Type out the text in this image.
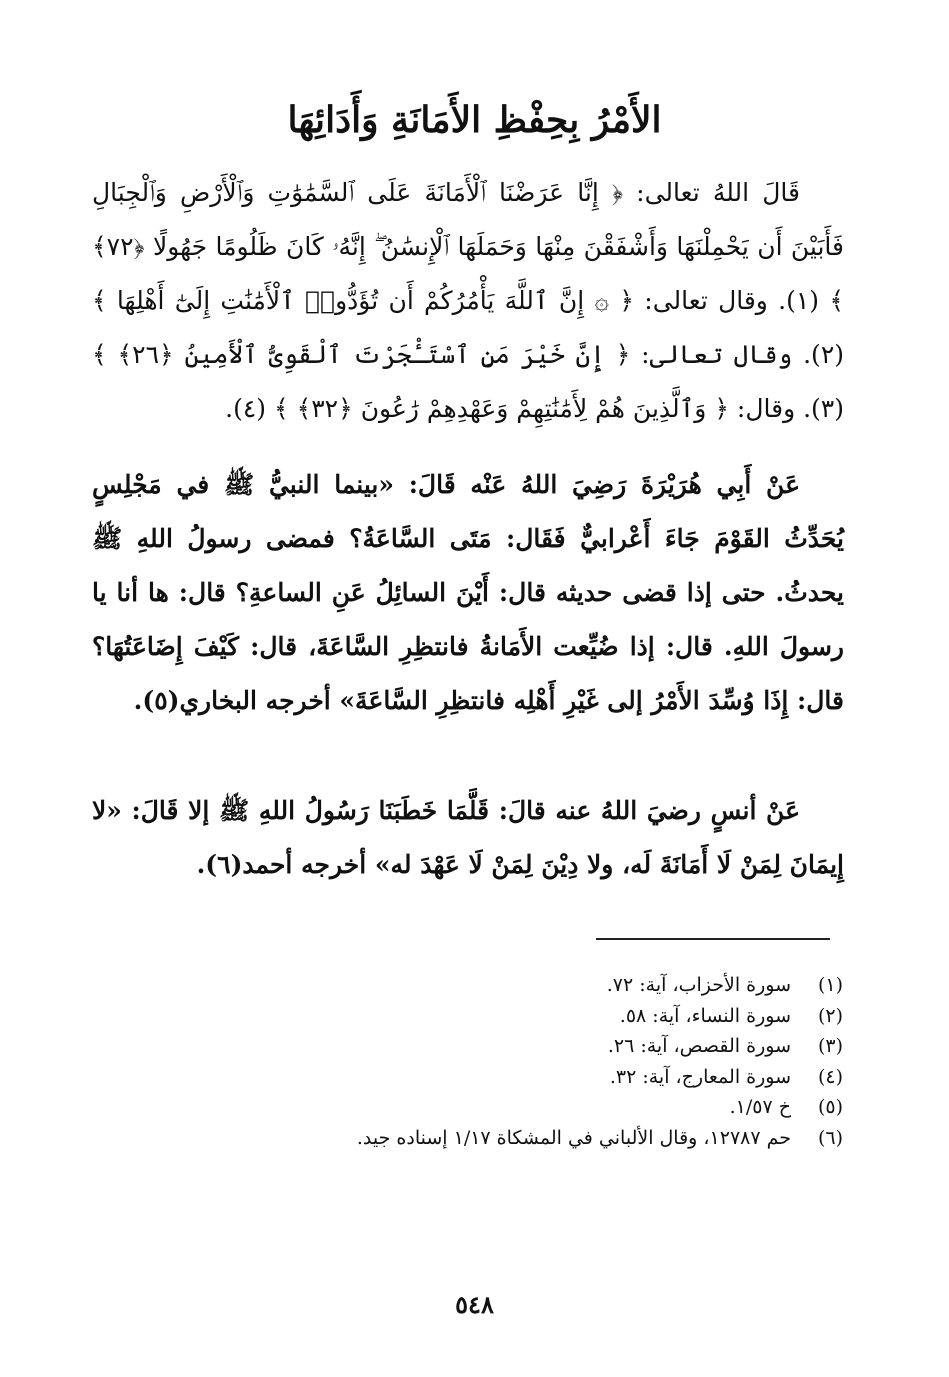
الأَمْرُ بِحِفْظِ الأَمَانَةِ وَأَدَائِهَا

قَالَ اللهُ تعالى: ﴿ إِنَّا عَرَضْنَا ٱلْأَمَانَةَ عَلَى ٱلسَّمَٰوَٰتِ وَٱلْأَرْضِ وَٱلْجِبَالِ فَأَبَيْنَ أَن يَحْمِلْنَهَا وَأَشْفَقْنَ مِنْهَا وَحَمَلَهَا ٱلْإِنسَٰنُ ۖ إِنَّهُۥ كَانَ ظَلُومًا جَهُولًا ﴿٧٢﴾ ﴾ (١). وقال تعالى: ﴿ ۞ إِنَّ ٱللَّهَ يَأْمُرُكُمْ أَن تُؤَدُّوا۟ ٱلْأَمَٰنَٰتِ إِلَىٰٓ أَهْلِهَا ﴾ (٢). وقال تعالى: ﴿ إِنَّ خَيْرَ مَنِ ٱسْتَـْٔجَرْتَ ٱلْقَوِىُّ ٱلْأَمِينُ ﴿٢٦﴾ ﴾ (٣). وقال: ﴿ وَٱلَّذِينَ هُمْ لِأَمَٰنَٰتِهِمْ وَعَهْدِهِمْ رَٰعُونَ ﴿٣٢﴾ ﴾ (٤).

عَنْ أَبِي هُرَيْرَةَ رَضِيَ اللهُ عَنْه قَالَ: «بينما النبيُّ ﷺ في مَجْلِسٍ يُحَدِّثُ القَوْمَ جَاءَ أَعْرابيٌّ فَقَال: مَتَى السَّاعَةُ؟ فمضى رسولُ اللهِ ﷺ يحدثُ. حتى إذا قضى حديثه قال: أَيْنَ السائِلُ عَنِ الساعةِ؟ قال: ها أنا يا رسولَ اللهِ. قال: إذا ضُيِّعت الأَمَانةُ فانتظِرِ السَّاعَةَ، قال: كَيْفَ إِضَاعَتُهَا؟ قال: إِذَا وُسِّدَ الأَمْرُ إلى غَيْرِ أَهْلِه فانتظِرِ السَّاعَةَ» أخرجه البخاري(٥).

عَنْ أنسٍ رضيَ اللهُ عنه قالَ: قَلَّمَا خَطَبَنَا رَسُولُ اللهِ ﷺ إلا قَالَ: «لا إِيمَانَ لِمَنْ لَا أَمَانَةَ لَه، ولا دِيْنَ لِمَنْ لَا عَهْدَ له» أخرجه أحمد(٦).

(١)سورة الأحزاب، آية: ٧٢.
(٢)سورة النساء، آية: ٥٨.
(٣)سورة القصص، آية: ٢٦.
(٤)سورة المعارج، آية: ٣٢.
(٥)خ ١/٥٧.
(٦)حم ١٢٧٨٧، وقال الألباني في المشكاة ١/١٧ إسناده جيد.
٥٤٨
